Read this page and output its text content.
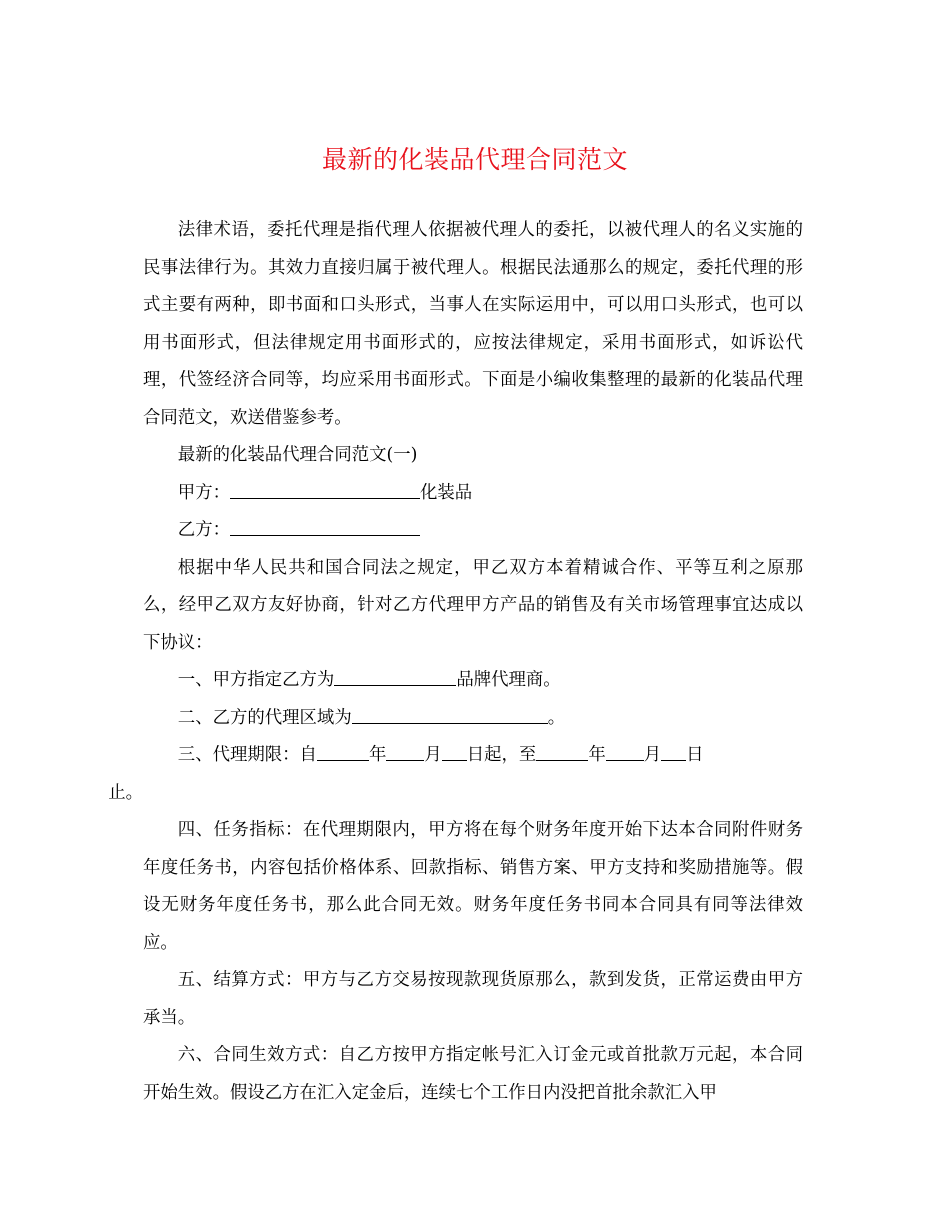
最新的化装品代理合同范文

法律术语，委托代理是指代理人依据被代理人的委托，以被代理人的名义实施的民事法律行为。其效力直接归属于被代理人。根据民法通那么的规定，委托代理的形式主要有两种，即书面和口头形式，当事人在实际运用中，可以用口头形式，也可以用书面形式，但法律规定用书面形式的，应按法律规定，采用书面形式，如诉讼代理，代签经济合同等，均应采用书面形式。下面是小编收集整理的最新的化装品代理合同范文，欢送借鉴参考。

最新的化装品代理合同范文(一)

甲方：	化装品

乙方：

根据中华人民共和国合同法之规定，甲乙双方本着精诚合作、平等互利之原那么，经甲乙双方友好协商，针对乙方代理甲方产品的销售及有关市场管理事宜达成以下协议：

一、甲方指定乙方为	品牌代理商。

二、乙方的代理区域为	。

三、代理期限：自	年 月 日起，至	年 月 日
止。

四、任务指标：在代理期限内，甲方将在每个财务年度开始下达本合同附件财务年度任务书，内容包括价格体系、回款指标、销售方案、甲方支持和奖励措施等。假设无财务年度任务书，那么此合同无效。财务年度任务书同本合同具有同等法律效应。

五、结算方式：甲方与乙方交易按现款现货原那么，款到发货，正常运费由甲方承当。

六、合同生效方式：自乙方按甲方指定帐号汇入订金元或首批款万元起，本合同开始生效。假设乙方在汇入定金后，连续七个工作日内没把首批余款汇入甲
